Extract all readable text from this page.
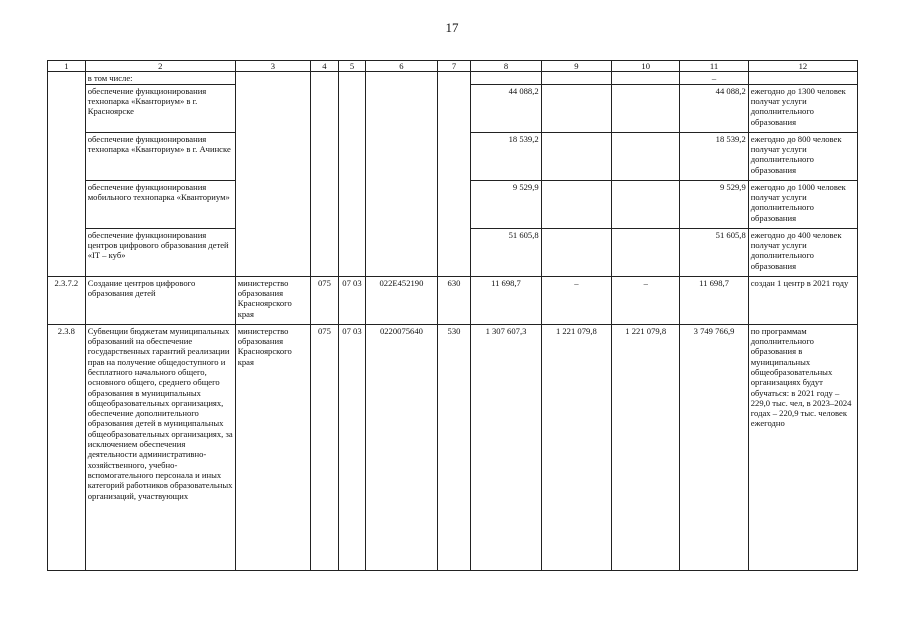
17
1	2	3	4	5	6	7	8	9	10	11	12
	в том числе:									–	
	обеспечение функционирования технопарка «Кванториум» в г. Красноярске						44 088,2			44 088,2	ежегодно до 1300 человек получат услуги дополнительного образования
	обеспечение функционирования технопарка «Кванториум» в г. Ачинске						18 539,2			18 539,2	ежегодно до 800 человек получат услуги дополнительного образования
	обеспечение функционирования мобильного технопарка «Кванториум»						9 529,9			9 529,9	ежегодно до 1000 человек получат услуги дополнительного образования
	обеспечение функционирования центров цифрового образования детей «IT – куб»						51 605,8			51 605,8	ежегодно до 400 человек получат услуги дополнительного образования
2.3.7.2	Создание центров цифрового образования детей	министерство образования Красноярского края	075	07 03	022Е452190	630	11 698,7	–	–	11 698,7	создан 1 центр в 2021 году
2.3.8	Субвенции бюджетам муниципальных образований на обеспечение государственных гарантий реализации прав на получение общедоступного и бесплатного начального общего, основного общего, среднего общего образования в муниципальных общеобразовательных организациях, обеспечение дополнительного образования детей в муниципальных общеобразовательных организациях, за исключением обеспечения деятельности административно-хозяйственного, учебно-вспомогательного персонала и иных категорий работников образовательных организаций, участвующих	министерство образования Красноярского края	075	07 03	0220075640	530	1 307 607,3	1 221 079,8	1 221 079,8	3 749 766,9	по программам дополнительного образования в муниципальных общеобразовательных организациях будут обучаться: в 2021 году – 229,0 тыс. чел, в 2023–2024 годах – 220,9 тыс. человек ежегодно
